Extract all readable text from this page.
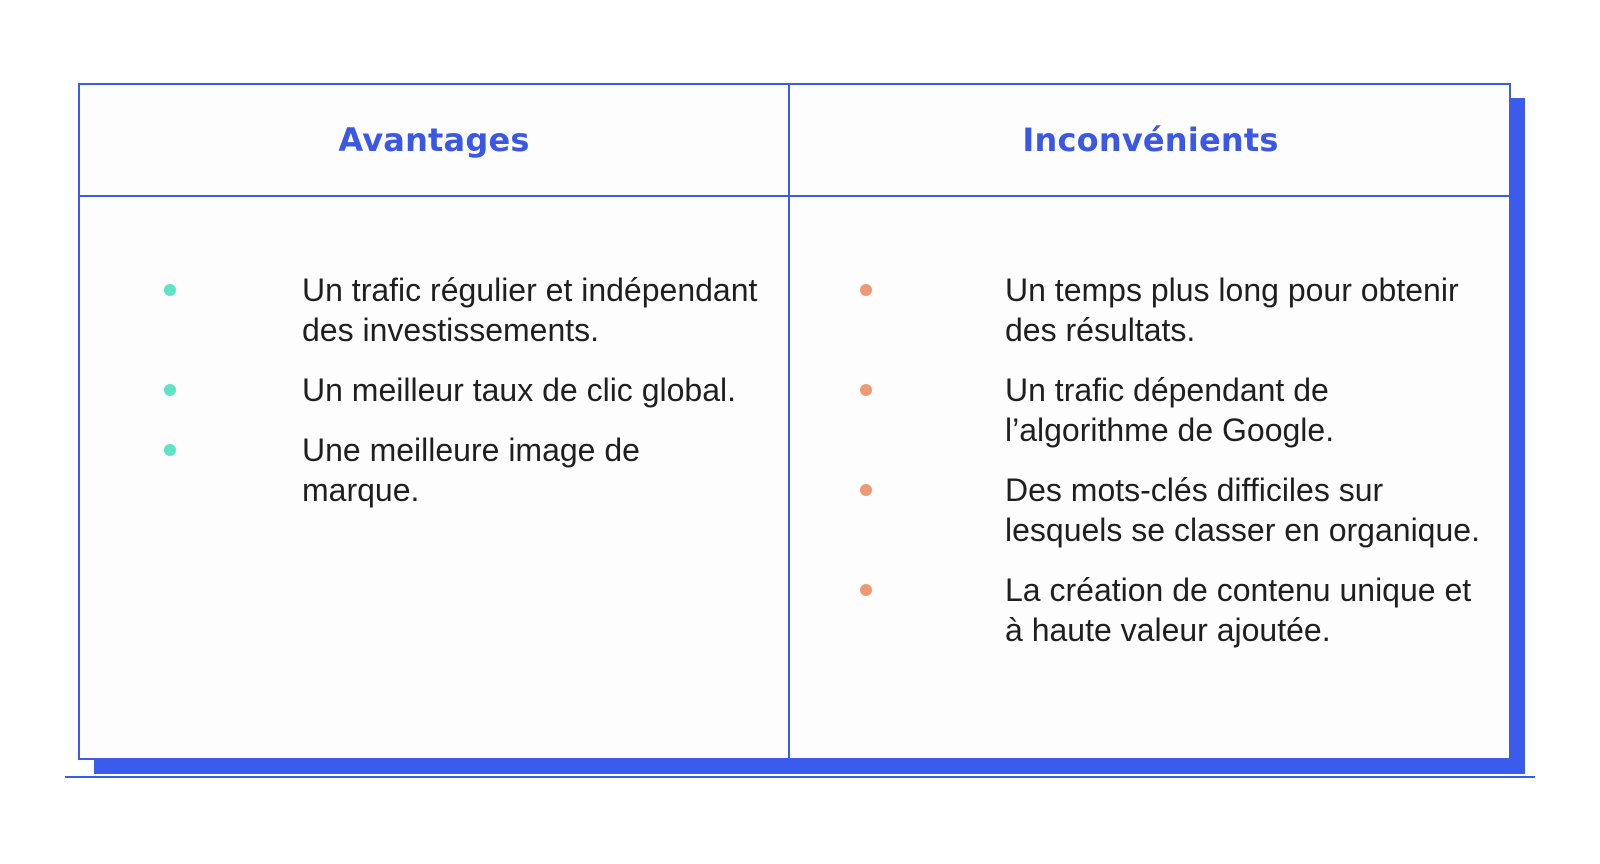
Avantages	Inconvénients
Un trafic régulier et indépendant des investissements.
Un meilleur taux de clic global.
Une meilleure image de marque.
Un temps plus long pour obtenir des résultats.
Un trafic dépendant de l’algorithme de Google.
Des mots-clés difficiles sur lesquels se classer en organique.
La création de contenu unique et à haute valeur ajoutée.
